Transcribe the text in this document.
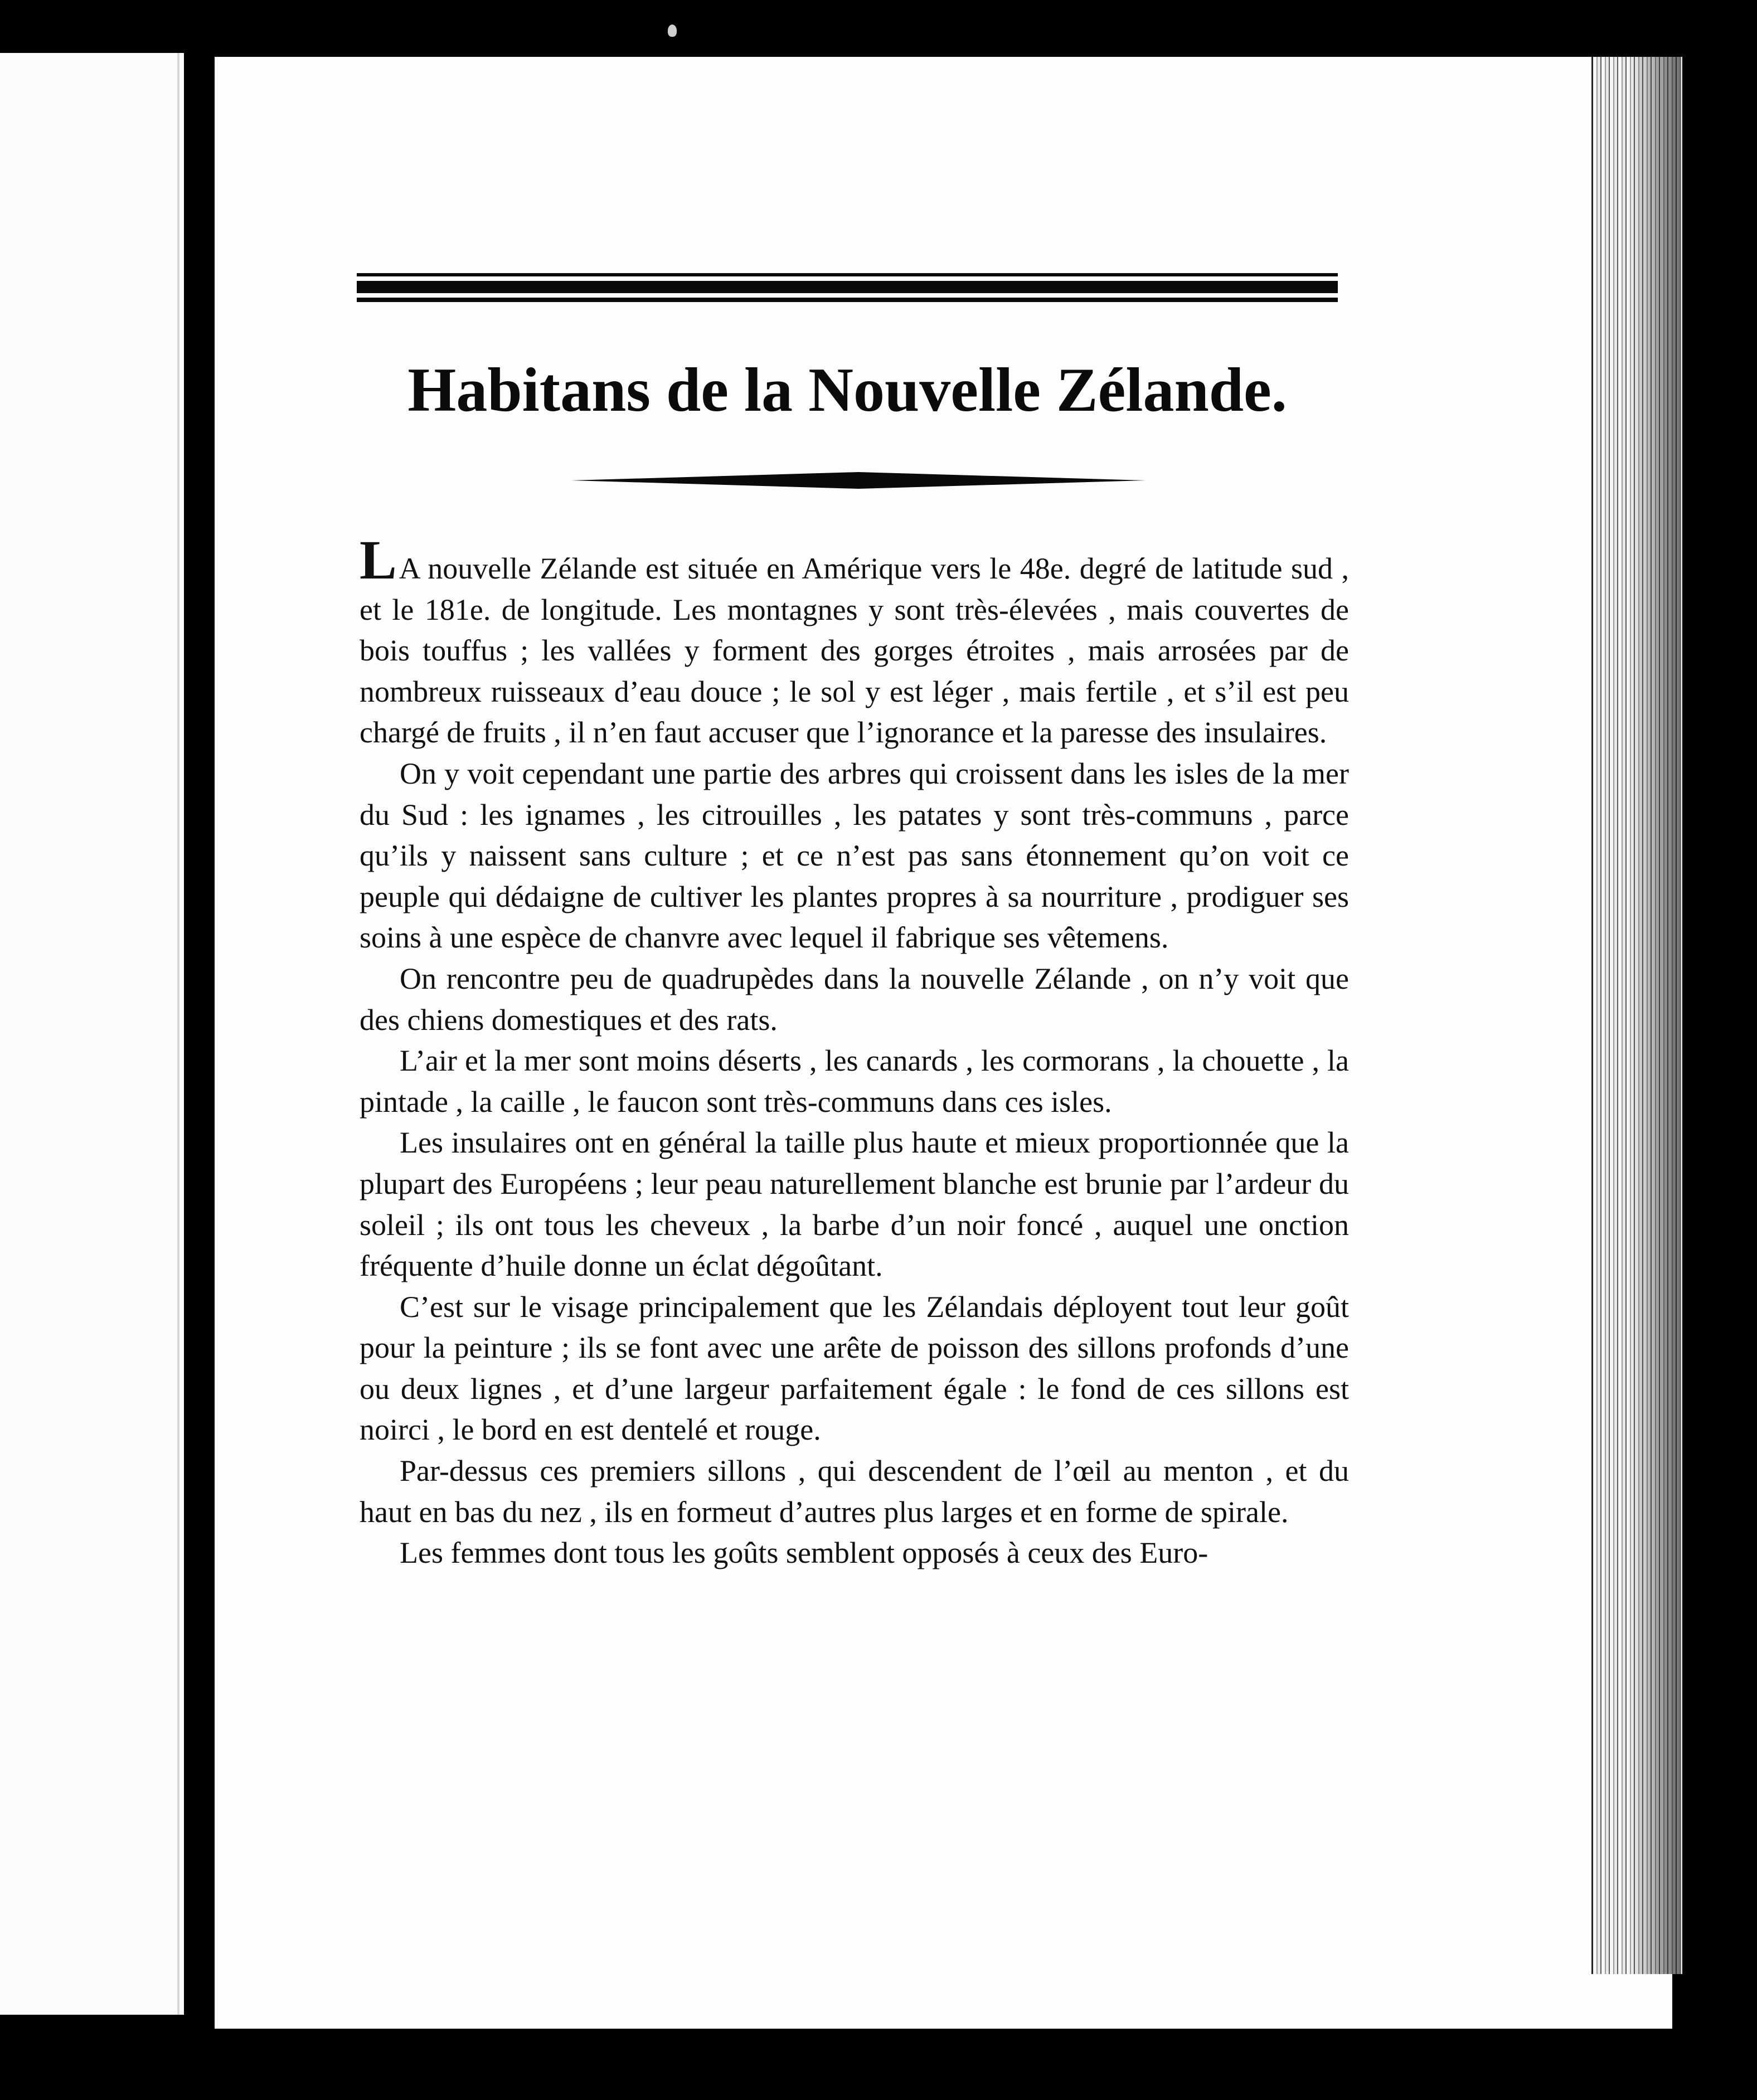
Habitans de la Nouvelle Zélande.

LA nouvelle Zélande est située en Amérique vers le 48e. degré de latitude sud , et le 181e. de longitude. Les montagnes y sont très-élevées , mais couvertes de bois touffus ; les vallées y forment des gorges étroites , mais arrosées par de nombreux ruisseaux d’eau douce ; le sol y est léger , mais fertile , et s’il est peu chargé de fruits , il n’en faut accuser que l’ignorance et la paresse des insulaires.

On y voit cependant une partie des arbres qui croissent dans les isles de la mer du Sud : les ignames , les citrouilles , les patates y sont très-communs , parce qu’ils y naissent sans culture ; et ce n’est pas sans étonnement qu’on voit ce peuple qui dédaigne de cultiver les plantes propres à sa nourriture , prodiguer ses soins à une espèce de chanvre avec lequel il fabrique ses vêtemens.

On rencontre peu de quadrupèdes dans la nouvelle Zélande , on n’y voit que des chiens domestiques et des rats.

L’air et la mer sont moins déserts , les canards , les cormorans , la chouette , la pintade , la caille , le faucon sont très-communs dans ces isles.

Les insulaires ont en général la taille plus haute et mieux proportionnée que la plupart des Européens ; leur peau naturellement blanche est brunie par l’ardeur du soleil ; ils ont tous les cheveux , la barbe d’un noir foncé , auquel une onction fréquente d’huile donne un éclat dégoûtant.

C’est sur le visage principalement que les Zélandais déployent tout leur goût pour la peinture ; ils se font avec une arête de poisson des sillons profonds d’une ou deux lignes , et d’une largeur parfaitement égale : le fond de ces sillons est noirci , le bord en est dentelé et rouge.

Par-dessus ces premiers sillons , qui descendent de l’œil au menton , et du haut en bas du nez , ils en formeut d’autres plus larges et en forme de spirale.

Les femmes dont tous les goûts semblent opposés à ceux des Euro-
